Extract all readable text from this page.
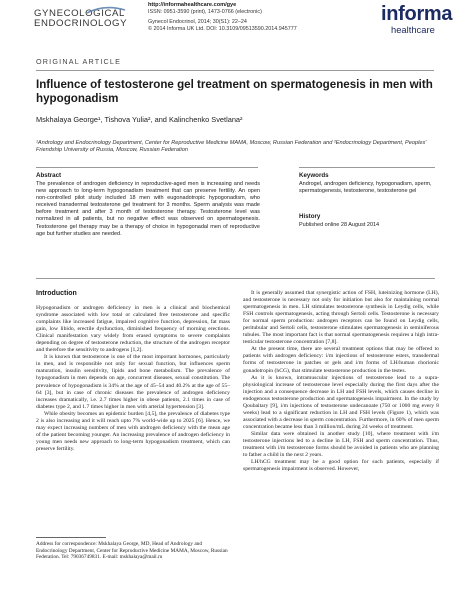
GYNECOLOGICAL
ENDOCRINOLOGY
http://informahealthcare.com/gye
ISSN: 0951-3590 (print), 1473-0766 (electronic)
Gynecol Endocrinol, 2014; 30(S1): 22–24
© 2014 Informa UK Ltd. DOI: 10.3109/09513590.2014.945777
informa
healthcare
ORIGINAL ARTICLE
Influence of testosterone gel treatment on spermatogenesis in men with hypogonadism
Mskhalaya George¹, Tishova Yulia², and Kalinchenko Svetlana²
¹Andrology and Endocrinology Department, Center for Reproductive Medicine MAMA, Moscow, Russian Federation and ²Endocrinology Department, Peoples' Friendship University of Russia, Moscow, Russian Federation
Abstract
The prevalence of androgen deficiency in reproductive-aged men is increasing and needs new approach to long-term hypogonadism treatment that can preserve fertility. An open non-controlled pilot study included 18 men with eugonadotropic hypogonadism, who received transdermal testosterone gel treatment for 3 months. Sperm analysis was made before treatment and after 3 month of testosterone therapy. Testosterone level was normalized in all patients, but no negative effect was observed on spermatogenesis. Testosterone gel therapy may be a therapy of choice in hypogonadal men of reproductive age but further studies are needed.
Keywords
Androgel, androgen deficiency, hypogonadism, sperm, spermatogenesis, testosterone, testosterone gel
History
Published online 28 August 2014
Introduction

Hypogonadism or androgen deficiency in men is a clinical and biochemical syndrome associated with low total or calculated free testosterone and specific complaints like increased fatigue, impaired cognitive function, depression, fat mass gain, low libido, erectile dysfunction, diminished frequency of morning erections. Clinical manifestation vary widely from erased symptoms to severe complaints depending on degree of testosterone reduction, the structure of the androgen receptor and therefore the sensitivity to androgens [1,2].

It is known that testosterone is one of the most important hormones, particularly in men, and is responsible not only for sexual function, but influences sperm maturation, insulin sensitivity, lipids and bone metabolism. The prevalence of hypogonadism in men depends on age, concurrent diseases, sexual constitution. The prevalence of hypogonadism is 34% at the age of 45–54 and 40.2% at the age of 55–64 [3], but in case of chronic diseases the prevalence of androgen deficiency increases dramatically, i.e. 2.7 times higher in obese patients, 2.1 times in case of diabetes type 2, and 1.7 times higher in men with arterial hypertension [3].

While obesity becomes an epidemic burden [4,5], the prevalence of diabetes type 2 is also increasing and it will reach upto 7% world-wide up to 2025 [6]. Hence, we may expect increasing numbers of men with androgen deficiency with the mean age of the patient becoming younger. An increasing prevalence of androgen deficiency in young men needs new approach to long-term hypogonadism treatment, which can preserve fertility.

Address for correspondence: Mskhalaya George, MD, Head of Andrology and Endocrinology Department, Center for Reproductive Medicine MAMA, Moscow, Russian Federation. Tel: 79036749831. E-mail: mskhalaya@mail.ru

It is generally assumed that synergistic action of FSH, luteinizing hormone (LH), and testosterone is necessary not only for initiation but also for maintaining normal spermatogenesis in men. LH stimulates testosterone synthesis in Leydig cells, while FSH controls spermatogenesis, acting through Sertoli cells. Testosterone is necessary for normal sperm production: androgen receptors can be found on Leydig cells, peritubular and Sertoli cells, testosterone stimulates spermatogenesis in seminiferous tubules. The most important fact is that normal spermatogenesis requires a high intra-testicular testosterone concentration [7,8].

At the present time, there are several treatment options that may be offered to patients with androgen deficiency: i/m injections of testosterone esters, transdermal forms of testosterone in patches or gels and i/m forms of LH/human chorionic gonadotropin (hCG), that stimulate testosterone production in the testes.

As it is known, intramuscular injections of testosterone lead to a supra-physiological increase of testosterone level especially during the first days after the injection and a consequence decrease in LH and FSH levels, which causes decline in endogenous testosterone production and spermatogenesis impairment. In the study by Qoubaitary [9], i/m injections of testosterone undecanoate (750 or 1000 mg every 8 weeks) lead to a significant reduction in LH and FSH levels (Figure 1), which was associated with a decrease in sperm concentration. Furthermore, in 60% of men sperm concentration became less than 3 million/mL during 24 weeks of treatment.

Similar data were obtained in another study [10], where treatment with i/m testosterone injections led to a decline in LH, FSH and sperm concentration. Thus, treatment with i/m testosterone forms should be avoided in patients who are planning to father a child in the next 2 years.

LH/hCG treatment may be a good option for such patients, especially if spermatogenesis impairment is observed. However,
